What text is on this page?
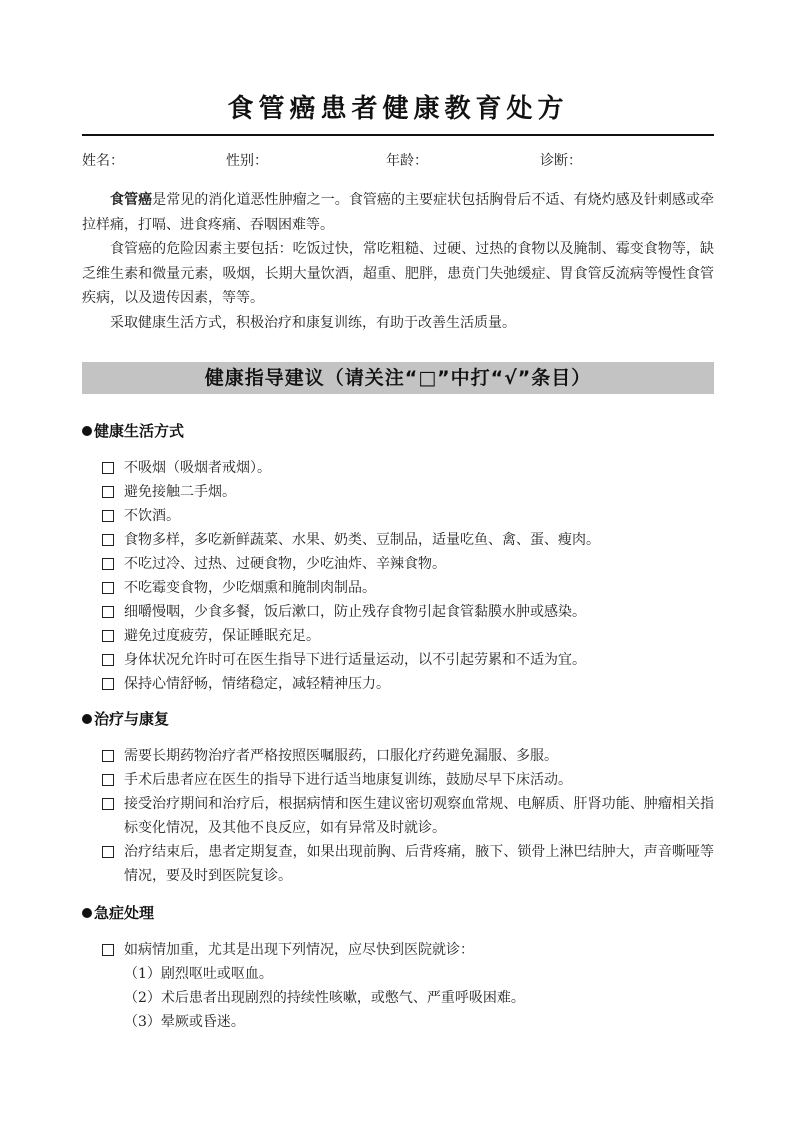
食管癌患者健康教育处方
姓名：	性别：	年龄：	诊断：

食管癌是常见的消化道恶性肿瘤之一。食管癌的主要症状包括胸骨后不适、有烧灼感及针刺感或牵拉样痛，打嗝、进食疼痛、吞咽困难等。

食管癌的危险因素主要包括：吃饭过快，常吃粗糙、过硬、过热的食物以及腌制、霉变食物等，缺乏维生素和微量元素，吸烟，长期大量饮酒，超重、肥胖，患贲门失弛缓症、胃食管反流病等慢性食管疾病，以及遗传因素，等等。

采取健康生活方式，积极治疗和康复训练，有助于改善生活质量。

健康指导建议（请关注“□”中打“√”条目）
健康生活方式
不吸烟（吸烟者戒烟）。
避免接触二手烟。
不饮酒。
食物多样，多吃新鲜蔬菜、水果、奶类、豆制品，适量吃鱼、禽、蛋、瘦肉。
不吃过冷、过热、过硬食物，少吃油炸、辛辣食物。
不吃霉变食物，少吃烟熏和腌制肉制品。
细嚼慢咽，少食多餐，饭后漱口，防止残存食物引起食管黏膜水肿或感染。
避免过度疲劳，保证睡眠充足。
身体状况允许时可在医生指导下进行适量运动，以不引起劳累和不适为宜。
保持心情舒畅，情绪稳定，减轻精神压力。
治疗与康复
需要长期药物治疗者严格按照医嘱服药，口服化疗药避免漏服、多服。
手术后患者应在医生的指导下进行适当地康复训练，鼓励尽早下床活动。
接受治疗期间和治疗后，根据病情和医生建议密切观察血常规、电解质、肝肾功能、肿瘤相关指标变化情况，及其他不良反应，如有异常及时就诊。
治疗结束后，患者定期复查，如果出现前胸、后背疼痛，腋下、锁骨上淋巴结肿大，声音嘶哑等情况，要及时到医院复诊。
急症处理
如病情加重，尤其是出现下列情况，应尽快到医院就诊：
（1）剧烈呕吐或呕血。
（2）术后患者出现剧烈的持续性咳嗽，或憋气、严重呼吸困难。
（3）晕厥或昏迷。
